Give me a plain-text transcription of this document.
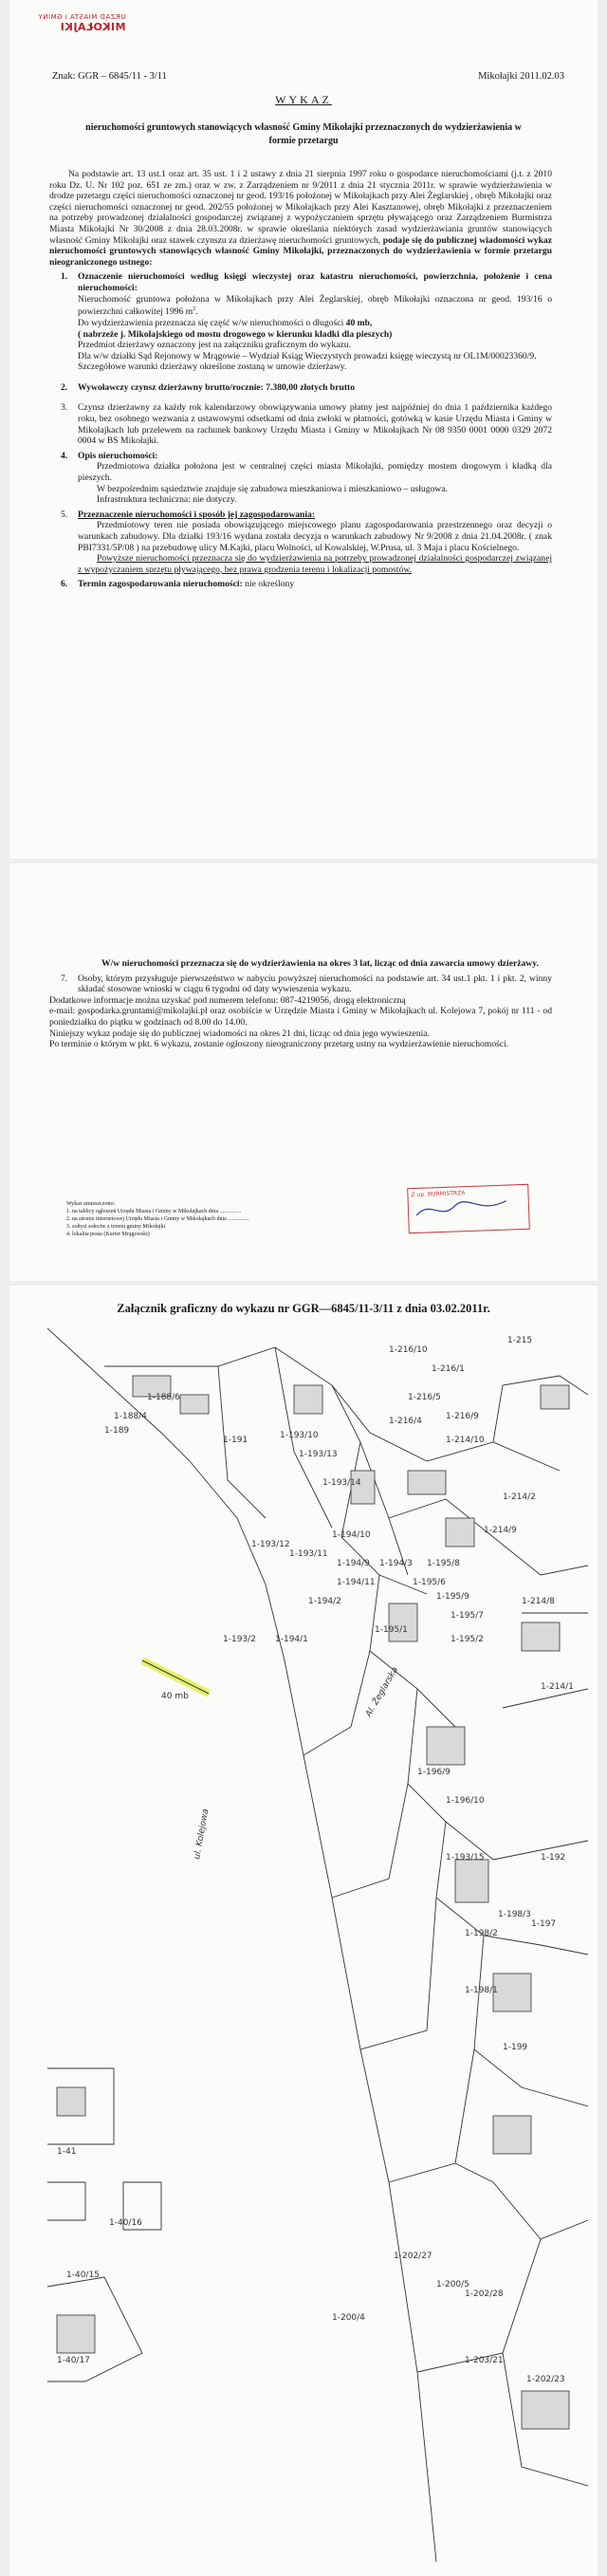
URZĄD MIASTA i GMINY
MIKOŁAJKI
Znak: GGR – 6845/11 - 3/11	Mikołajki 2011.02.03
WYKAZ
nieruchomości gruntowych stanowiących własność Gminy Mikołajki przeznaczonych do wydzierżawienia w formie przetargu

Na podstawie art. 13 ust.1 oraz art. 35 ust. 1 i 2 ustawy z dnia 21 sierpnia 1997 roku o gospodarce nieruchomościami (j.t. z 2010 roku Dz. U. Nr 102 poz. 651 ze zm.) oraz w zw. z Zarządzeniem nr 9/2011 z dnia 21 stycznia 2011r. w sprawie wydzierżawienia w drodze przetargu części nieruchomości oznaczonej nr geod. 193/16 położonej w Mikołajkach przy Alei Żeglarskiej , obręb Mikołajki oraz części nieruchomości oznaczonej nr geod. 202/55 położonej w Mikołajkach przy Alei Kasztanowej, obręb Mikołajki z przeznaczeniem na potrzeby prowadzonej działalności gospodarczej związanej z wypożyczaniem sprzętu pływającego oraz Zarządzeniem Burmistrza Miasta Mikołajki Nr 30/2008 z dnia 28.03.2008r. w sprawie określania niektórych zasad wydzierżawiania gruntów stanowiących własność Gminy Mikołajki oraz stawek czynszu za dzierżawę nieruchomości gruntowych, podaje się do publicznej wiadomości wykaz nieruchomości gruntowych stanowiących własność Gminy Mikołajki, przeznaczonych do wydzierżawienia w formie przetargu nieograniczonego ustnego:

1. Oznaczenie nieruchomości według księgi wieczystej oraz katastru nieruchomości, powierzchnia, położenie i cena nieruchomości:
Nieruchomość gruntowa położona w Mikołajkach przy Alei Żeglarskiej, obręb Mikołajki oznaczona nr geod. 193/16 o powierzchni całkowitej 1996 $m^2$.
Do wydzierżawienia przeznacza się część w/w nieruchomości o długości 40 mb,
( nabrzeże j. Mikołajskiego od mostu drogowego w kierunku kładki dla pieszych)
Przedmiot dzierżawy oznaczony jest na załączniku graficznym do wykazu.
Dla w/w działki Sąd Rejonowy w Mrągowie – Wydział Ksiąg Wieczystych prowadzi księgę wieczystą nr OL1M/00023360/9.
Szczegółowe warunki dzierżawy określone zostaną w umowie dzierżawy.
2. Wywoławczy czynsz dzierżawny brutto/rocznie: 7.380,00 złotych brutto
3. Czynsz dzierżawny za każdy rok kalendarzowy obowiązywania umowy płatny jest najpóźniej do dnia 1 października każdego roku, bez osobnego wezwania z ustawowymi odsetkami od dnia zwłoki w płatności, gotówką w kasie Urzędu Miasta i Gminy w Mikołajkach lub przelewem na rachunek bankowy Urzędu Miasta i Gminy w Mikołajkach Nr 08 9350 0001 0000 0329 2072 0004 w BS Mikołajki.
4. Opis nieruchomości:
Przedmiotowa działka położona jest w centralnej części miasta Mikołajki, pomiędzy mostem drogowym i kładką dla pieszych.
W bezpośrednim sąsiedztwie znajduje się zabudowa mieszkaniowa i mieszkaniowo – usługowa.
Infrastruktura techniczna: nie dotyczy.
5. Przeznaczenie nieruchomości i sposób jej zagospodarowania:
Przedmiotowy teren nie posiada obowiązującego miejscowego planu zagospodarowania przestrzennego oraz decyzji o warunkach zabudowy. Dla działki 193/16 wydana została decyzja o warunkach zabudowy Nr 9/2008 z dnia 21.04.2008r. ( znak PBI7331/5P/08 ) na przebudowę ulicy M.Kajki, placu Wolności, ul Kowalskiej, W.Prusa, ul. 3 Maja i placu Kościelnego.
Powyższe nieruchomości przeznacza się do wydzierżawienia na potrzeby prowadzonej działalności gospodarczej związanej z wypożyczaniem sprzętu pływającego, bez prawa grodzenia terenu i lokalizacji pomostów.
6. Termin zagospodarowania nieruchomości: nie określony
W/w nieruchomości przeznacza się do wydzierżawienia na okres 3 lat, licząc od dnia zawarcia umowy dzierżawy.
7. Osoby, którym przysługuje pierwszeństwo w nabyciu powyższej nieruchomości na podstawie art. 34 ust.1 pkt. 1 i pkt. 2, winny składać stosowne wnioski w ciągu 6 tygodni od daty wywieszenia wykazu.
Dodatkowe informacje można uzyskać pod numerem telefonu: 087-4219056, drogą elektroniczną
e-mail: gospodarka.gruntami@mikolajki.pl oraz osobiście w Urzędzie Miasta i Gminy w Mikołajkach ul. Kolejowa 7, pokój nr 111 - od poniedziałku do piątku w godzinach od 8.00 do 14.00.
Niniejszy wykaz podaje się do publicznej wiadomości na okres 21 dni, licząc od dnia jego wywieszenia.
Po terminie o którym w pkt. 6 wykazu, zostanie ogłoszony nieograniczony przetarg ustny na wydzierżawienie nieruchomości.
Wykaz umieszczono:
1. na tablicy ogłoszeń Urzędu Miasta i Gminy w Mikołajkach dnia ...............
2. na stronie internetowej Urzędu Miasta i Gminy w Mikołajkach dnia ...............
3. sołtysi sołectw z terenu gminy Mikołajki
4. lokalna prasa (Kurier Mrągowski)
Z up. BURMISTRZA
Załącznik graficzny do wykazu nr GGR—6845/11-3/11 z dnia 03.02.2011r.
40 mb	Al. Żeglarska
ul. Kolejowa
1-188/6
1-188/4
1-189
1-191	1-193/10
1-193/13
1-193/14
1-193/12
1-193/11
1-193/2
1-194/3
1-194/10
1-194/9
1-194/11
1-194/2
1-194/1
1-195/8
1-195/6
1-195/9
1-195/7
1-195/1
1-195/2
1-196/9
1-196/10
1-197
1-198/2
1-198/1
1-199
1-200/4
1-200/5
1-202/27
1-202/28
1-203/21
1-202/23
1-214/10
1-214/9
1-216/10
1-216/5
1-216/4
1-216/1
1-216/9
1-215
1-41
1-40/15
1-40/16
1-40/17
1-193/15	1-192
1-198/3
1-214/2
1-214/8
1-214/1
